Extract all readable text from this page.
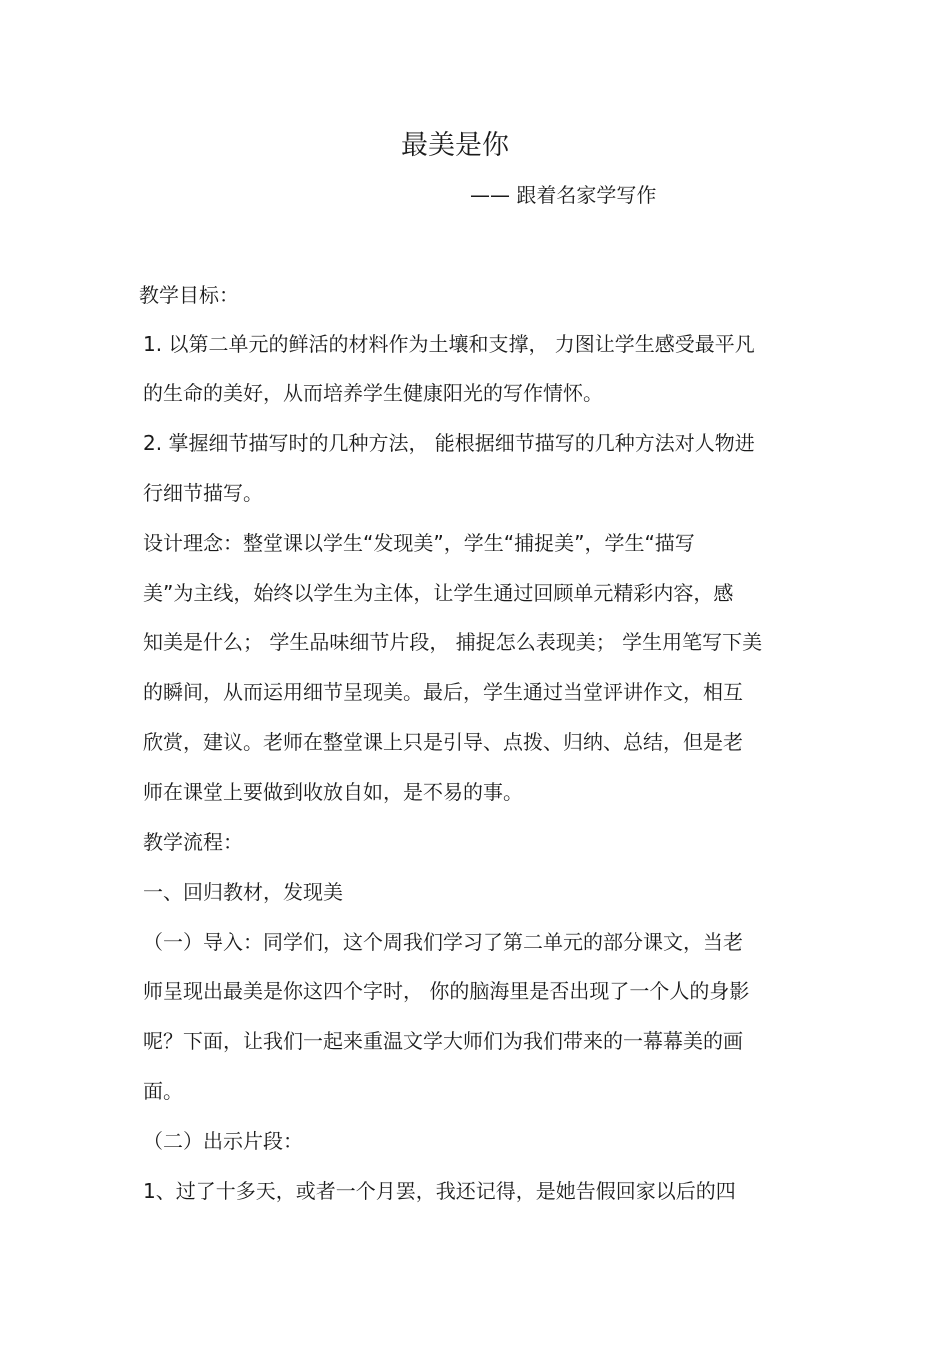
最美是你
—— 跟着名家学写作
教学目标：
1. 以第二单元的鲜活的材料作为土壤和支撑， 力图让学生感受最平凡
的生命的美好，从而培养学生健康阳光的写作情怀。
2. 掌握细节描写时的几种方法， 能根据细节描写的几种方法对人物进
行细节描写。
设计理念：整堂课以学生“发现美”，学生“捕捉美”，学生“描写
美”为主线，始终以学生为主体，让学生通过回顾单元精彩内容，感
知美是什么； 学生品味细节片段， 捕捉怎么表现美； 学生用笔写下美
的瞬间，从而运用细节呈现美。最后，学生通过当堂评讲作文，相互
欣赏，建议。老师在整堂课上只是引导、点拨、归纳、总结，但是老
师在课堂上要做到收放自如，是不易的事。
教学流程：
一、回归教材，发现美
（一）导入：同学们，这个周我们学习了第二单元的部分课文，当老
师呈现出最美是你这四个字时， 你的脑海里是否出现了一个人的身影
呢？下面，让我们一起来重温文学大师们为我们带来的一幕幕美的画
面。
（二）出示片段：
1、过了十多天，或者一个月罢，我还记得，是她告假回家以后的四
